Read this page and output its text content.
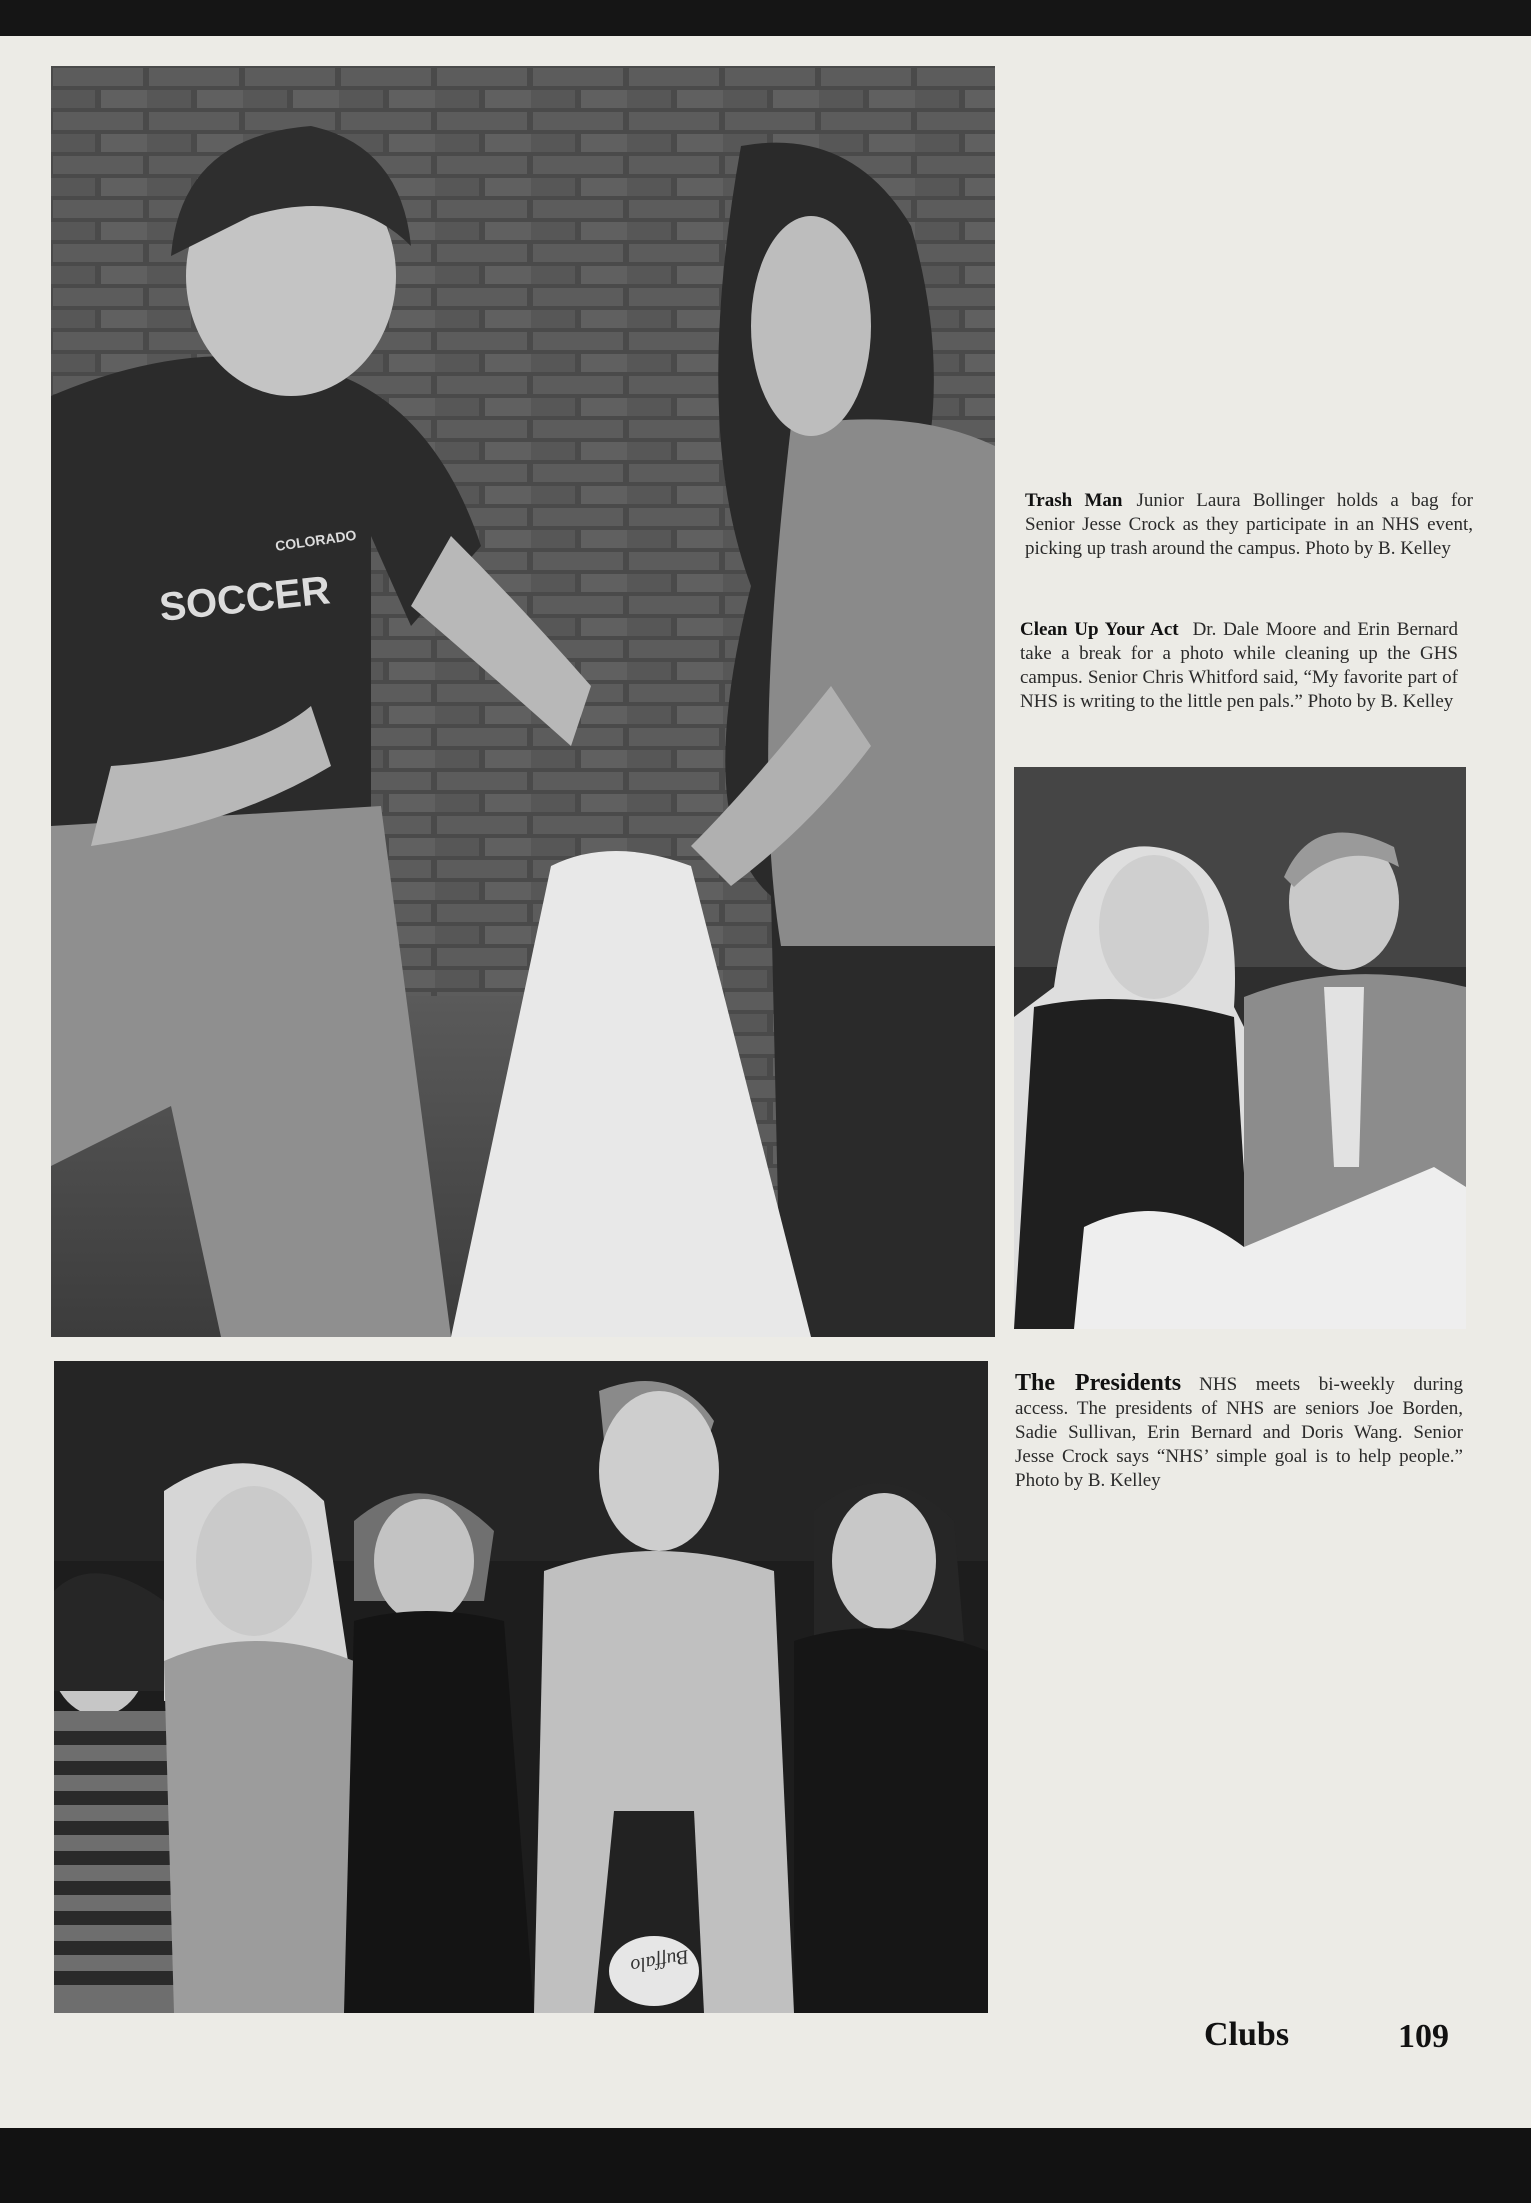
SOCCER
COLORADO
Buffalo
Trash Man Junior Laura Bollinger holds a bag for Senior Jesse Crock as they participate in an NHS event, picking up trash around the campus. Photo by B. Kelley
Clean Up Your Act Dr. Dale Moore and Erin Bernard take a break for a photo while cleaning up the GHS campus. Senior Chris Whitford said, “My favorite part of NHS is writing to the little pen pals.” Photo by B. Kelley
The Presidents NHS meets bi-weekly during access. The presidents of NHS are seniors Joe Borden, Sadie Sullivan, Erin Bernard and Doris Wang. Senior Jesse Crock says “NHS’ simple goal is to help people.” Photo by B. Kelley
Clubs	109
